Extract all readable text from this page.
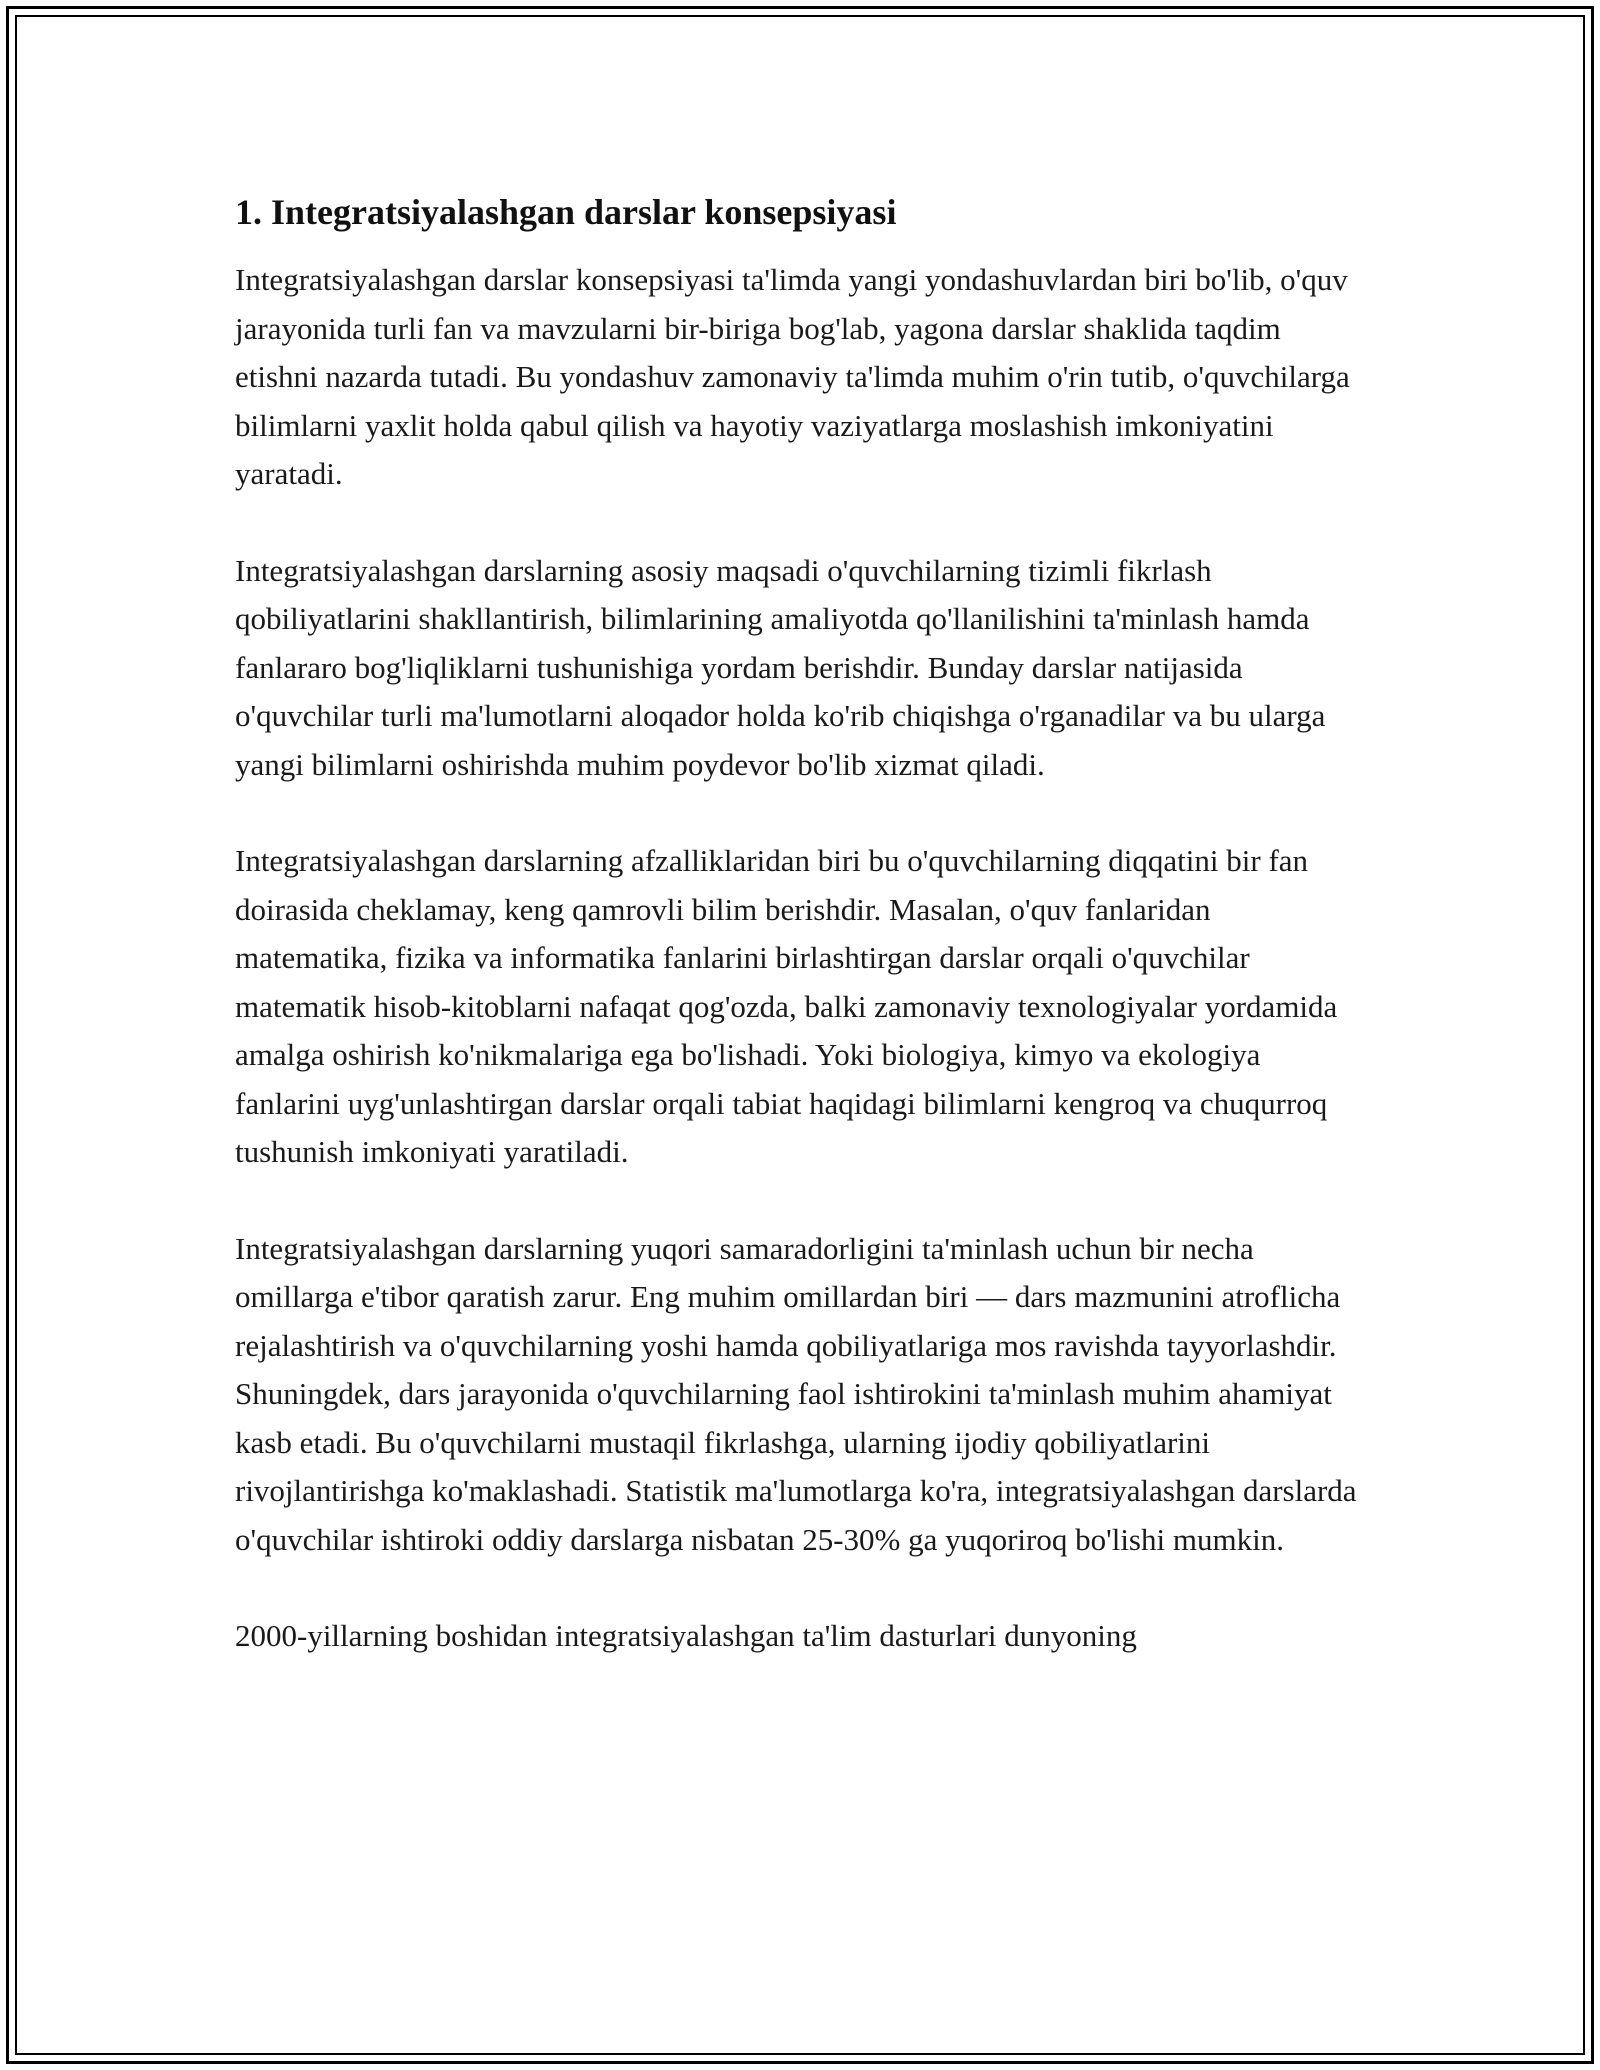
1. Integratsiyalashgan darslar konsepsiyasi

Integratsiyalashgan darslar konsepsiyasi ta'limda yangi yondashuvlardan biri bo'lib, o'quv jarayonida turli fan va mavzularni bir-biriga bog'lab, yagona darslar shaklida taqdim etishni nazarda tutadi. Bu yondashuv zamonaviy ta'limda muhim o'rin tutib, o'quvchilarga bilimlarni yaxlit holda qabul qilish va hayotiy vaziyatlarga moslashish imkoniyatini yaratadi.

Integratsiyalashgan darslarning asosiy maqsadi o'quvchilarning tizimli fikrlash qobiliyatlarini shakllantirish, bilimlarining amaliyotda qo'llanilishini ta'minlash hamda fanlararo bog'liqliklarni tushunishiga yordam berishdir. Bunday darslar natijasida o'quvchilar turli ma'lumotlarni aloqador holda ko'rib chiqishga o'rganadilar va bu ularga yangi bilimlarni oshirishda muhim poydevor bo'lib xizmat qiladi.

Integratsiyalashgan darslarning afzalliklaridan biri bu o'quvchilarning diqqatini bir fan doirasida cheklamay, keng qamrovli bilim berishdir. Masalan, o'quv fanlaridan matematika, fizika va informatika fanlarini birlashtirgan darslar orqali o'quvchilar matematik hisob-kitoblarni nafaqat qog'ozda, balki zamonaviy texnologiyalar yordamida amalga oshirish ko'nikmalariga ega bo'lishadi. Yoki biologiya, kimyo va ekologiya fanlarini uyg'unlashtirgan darslar orqali tabiat haqidagi bilimlarni kengroq va chuqurroq tushunish imkoniyati yaratiladi.

Integratsiyalashgan darslarning yuqori samaradorligini ta'minlash uchun bir necha omillarga e'tibor qaratish zarur. Eng muhim omillardan biri — dars mazmunini atroflicha rejalashtirish va o'quvchilarning yoshi hamda qobiliyatlariga mos ravishda tayyorlashdir. Shuningdek, dars jarayonida o'quvchilarning faol ishtirokini ta'minlash muhim ahamiyat kasb etadi. Bu o'quvchilarni mustaqil fikrlashga, ularning ijodiy qobiliyatlarini rivojlantirishga ko'maklashadi. Statistik ma'lumotlarga ko'ra, integratsiyalashgan darslarda o'quvchilar ishtiroki oddiy darslarga nisbatan 25-30% ga yuqoriroq bo'lishi mumkin.

2000-yillarning boshidan integratsiyalashgan ta'lim dasturlari dunyoning
